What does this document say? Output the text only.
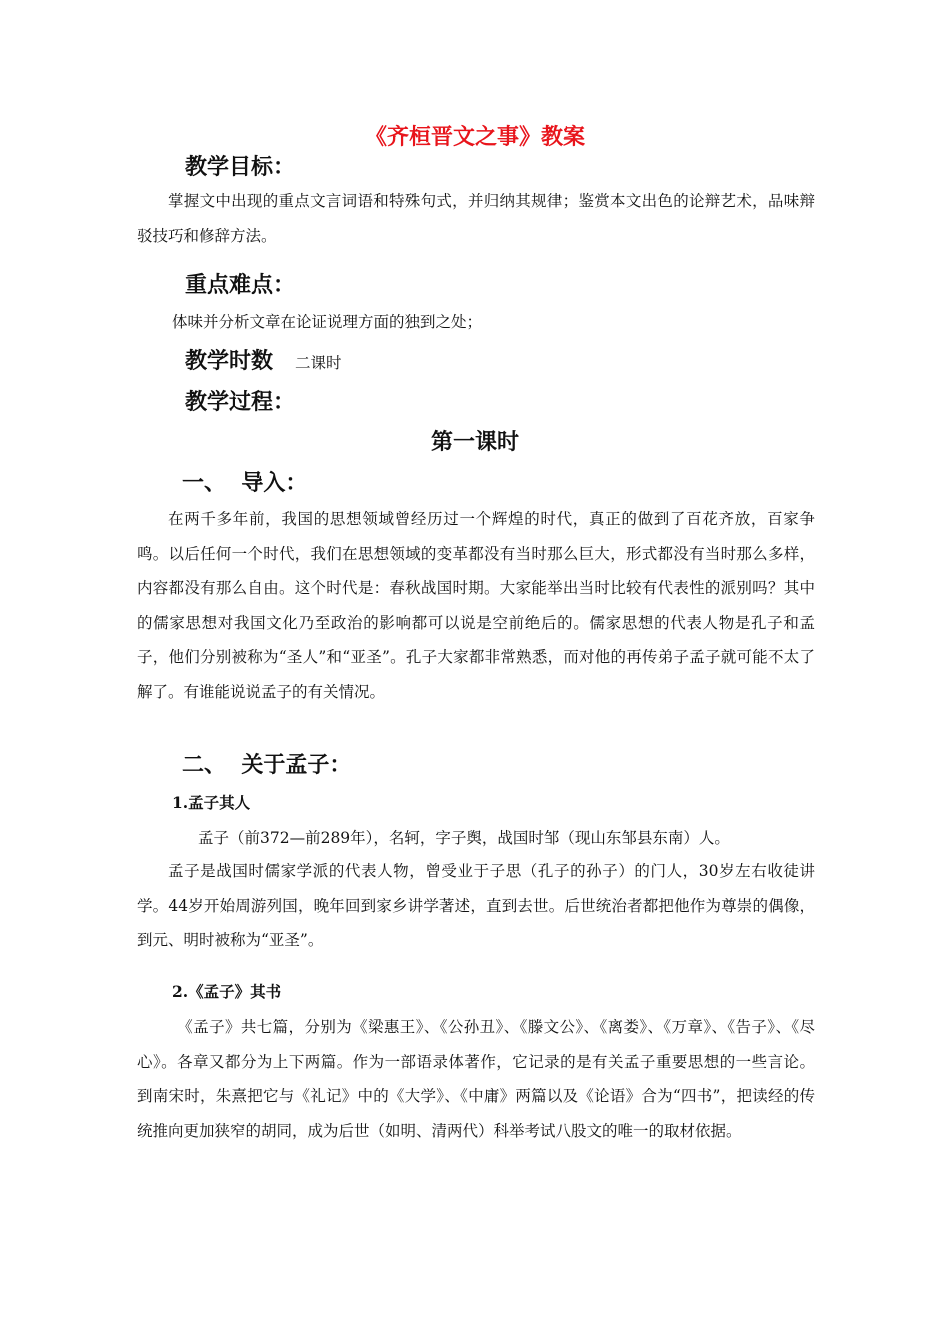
《齐桓晋文之事》教案
教学目标：
掌握文中出现的重点文言词语和特殊句式，并归纳其规律；鉴赏本文出色的论辩艺术，品味辩驳技巧和修辞方法。
重点难点：
体味并分析文章在论证说理方面的独到之处；
教学时数 二课时
教学过程：
第一课时
一、  导入：
在两千多年前，我国的思想领域曾经历过一个辉煌的时代，真正的做到了百花齐放，百家争鸣。以后任何一个时代，我们在思想领域的变革都没有当时那么巨大，形式都没有当时那么多样，内容都没有那么自由。这个时代是：春秋战国时期。大家能举出当时比较有代表性的派别吗？其中的儒家思想对我国文化乃至政治的影响都可以说是空前绝后的。儒家思想的代表人物是孔子和孟子，他们分别被称为“圣人”和“亚圣”。孔子大家都非常熟悉，而对他的再传弟子孟子就可能不太了解了。有谁能说说孟子的有关情况。
二、  关于孟子：
1.孟子其人
孟子（前372—前289年），名轲，字子舆，战国时邹（现山东邹县东南）人。
孟子是战国时儒家学派的代表人物，曾受业于子思（孔子的孙子）的门人，30岁左右收徒讲学。44岁开始周游列国，晚年回到家乡讲学著述，直到去世。后世统治者都把他作为尊崇的偶像，到元、明时被称为“亚圣”。
2.《孟子》其书
《孟子》共七篇，分别为《梁惠王》、《公孙丑》、《滕文公》、《离娄》、《万章》、《告子》、《尽心》。各章又都分为上下两篇。作为一部语录体著作，它记录的是有关孟子重要思想的一些言论。 到南宋时，朱熹把它与《礼记》中的《大学》、《中庸》两篇以及《论语》合为“四书”，把读经的传统推向更加狭窄的胡同，成为后世（如明、清两代）科举考试八股文的唯一的取材依据。
